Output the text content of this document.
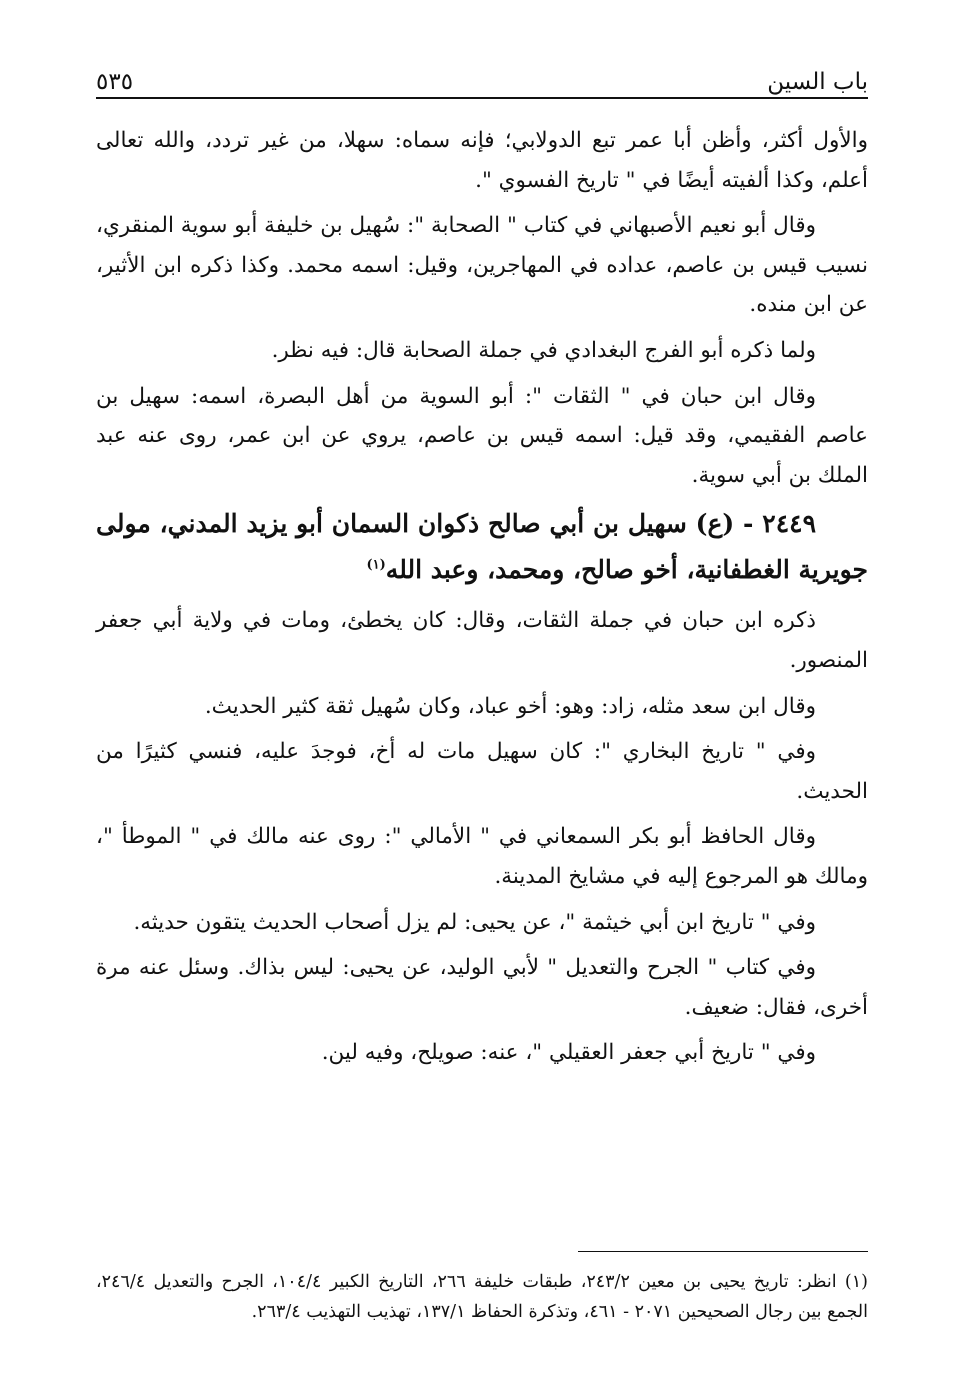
باب السين
٥٣٥

والأول أكثر، وأظن أبا عمر تبع الدولابي؛ فإنه سماه: سهلا، من غير تردد، والله تعالى أعلم، وكذا ألفيته أيضًا في " تاريخ الفسوي ".

وقال أبو نعيم الأصبهاني في كتاب " الصحابة ": سُهيل بن خليفة أبو سوية المنقري، نسيب قيس بن عاصم، عداده في المهاجرين، وقيل: اسمه محمد. وكذا ذكره ابن الأثير، عن ابن منده.

ولما ذكره أبو الفرج البغدادي في جملة الصحابة قال: فيه نظر.

وقال ابن حبان في " الثقات ": أبو السوية من أهل البصرة، اسمه: سهيل بن عاصم الفقيمي، وقد قيل: اسمه قيس بن عاصم، يروي عن ابن عمر، روى عنه عبد الملك بن أبي سوية.

٢٤٤٩ - (ع) سهيل بن أبي صالح ذكوان السمان أبو يزيد المدني، مولى جويرية الغطفانية، أخو صالح، ومحمد، وعبد الله$^{(١)}$

ذكره ابن حبان في جملة الثقات، وقال: كان يخطئ، ومات في ولاية أبي جعفر المنصور.

وقال ابن سعد مثله، زاد: وهو: أخو عباد، وكان سُهيل ثقة كثير الحديث.

وفي " تاريخ البخاري ": كان سهيل مات له أخ، فوجدَ عليه، فنسي كثيرًا من الحديث.

وقال الحافظ أبو بكر السمعاني في " الأمالي ": روى عنه مالك في " الموطأ "، ومالك هو المرجوع إليه في مشايخ المدينة.

وفي " تاريخ ابن أبي خيثمة "، عن يحيى: لم يزل أصحاب الحديث يتقون حديثه.

وفي كتاب " الجرح والتعديل " لأبي الوليد، عن يحيى: ليس بذاك. وسئل عنه مرة أخرى، فقال: ضعيف.

وفي " تاريخ أبي جعفر العقيلي "، عنه: صويلح، وفيه لين.

(١) انظر: تاريخ يحيى بن معين ٢٤٣/٢، طبقات خليفة ٢٦٦، التاريخ الكبير ١٠٤/٤، الجرح والتعديل ٢٤٦/٤، الجمع بين رجال الصحيحين ٢٠٧١ - ٤٦١، وتذكرة الحفاظ ١٣٧/١، تهذيب التهذيب ٢٦٣/٤.
